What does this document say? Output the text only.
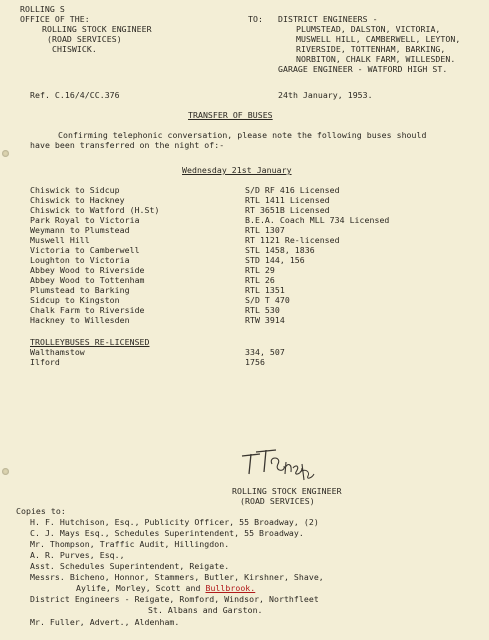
ROLLING S
OFFICE OF THE:
ROLLING STOCK ENGINEER
(ROAD SERVICES)
CHISWICK.
TO: DISTRICT ENGINEERS -
PLUMSTEAD, DALSTON, VICTORIA,
MUSWELL HILL, CAMBERWELL, LEYTON,
RIVERSIDE, TOTTENHAM, BARKING,
NORBITON, CHALK FARM, WILLESDEN.
GARAGE ENGINEER - WATFORD HIGH ST.
Ref. C.16/4/CC.376	24th January, 1953.
TRANSFER OF BUSES
Confirming telephonic conversation, please note the following buses should
have been transferred on the night of:-
Wednesday 21st January
Chiswick to Sidcup	S/D RF 416 Licensed
Chiswick to Hackney	RTL 1411 Licensed
Chiswick to Watford (H.St)	RT 3651B Licensed
Park Royal to Victoria	B.E.A. Coach MLL 734 Licensed
Weymann to Plumstead	RTL 1307
Muswell Hill	RT 1121 Re-licensed
Victoria to Camberwell	STL 1458, 1836
Loughton to Victoria	STD 144, 156
Abbey Wood to Riverside	RTL 29
Abbey Wood to Tottenham	RTL 26
Plumstead to Barking	RTL 1351
Sidcup to Kingston	S/D T 470
Chalk Farm to Riverside	RTL 530
Hackney to Willesden	RTW 3914
TROLLEYBUSES RE-LICENSED
Walthamstow	334, 507
Ilford	1756
ROLLING STOCK ENGINEER
(ROAD SERVICES)
Copies to:
H. F. Hutchison, Esq., Publicity Officer, 55 Broadway, (2)
C. J. Mays Esq., Schedules Superintendent, 55 Broadway.
Mr. Thompson, Traffic Audit, Hillingdon.
A. R. Purves, Esq.,
Asst. Schedules Superintendent, Reigate.
Messrs. Bicheno, Honnor, Stammers, Butler, Kirshner, Shave,
Aylife, Morley, Scott and Bullbrook.
District Engineers - Reigate, Romford, Windsor, Northfleet
St. Albans and Garston.
Mr. Fuller, Advert., Aldenham.
